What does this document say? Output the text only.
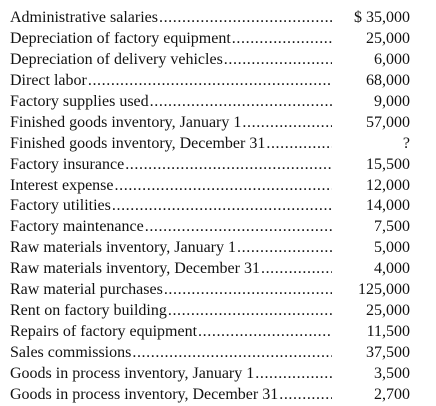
Administrative salaries .....	$ 35,000
Depreciation of factory equipment .....	25,000
Depreciation of delivery vehicles .....	6,000
Direct labor .....	68,000
Factory supplies used .....	9,000
Finished goods inventory, January 1 .....	57,000
Finished goods inventory, December 31 .....	?
Factory insurance .....	15,500
Interest expense .....	12,000
Factory utilities .....	14,000
Factory maintenance .....	7,500
Raw materials inventory, January 1 .....	5,000
Raw materials inventory, December 31 .....	4,000
Raw material purchases .....	125,000
Rent on factory building .....	25,000
Repairs of factory equipment .....	11,500
Sales commissions .....	37,500
Goods in process inventory, January 1 .....	3,500
Goods in process inventory, December 31 .....	2,700
